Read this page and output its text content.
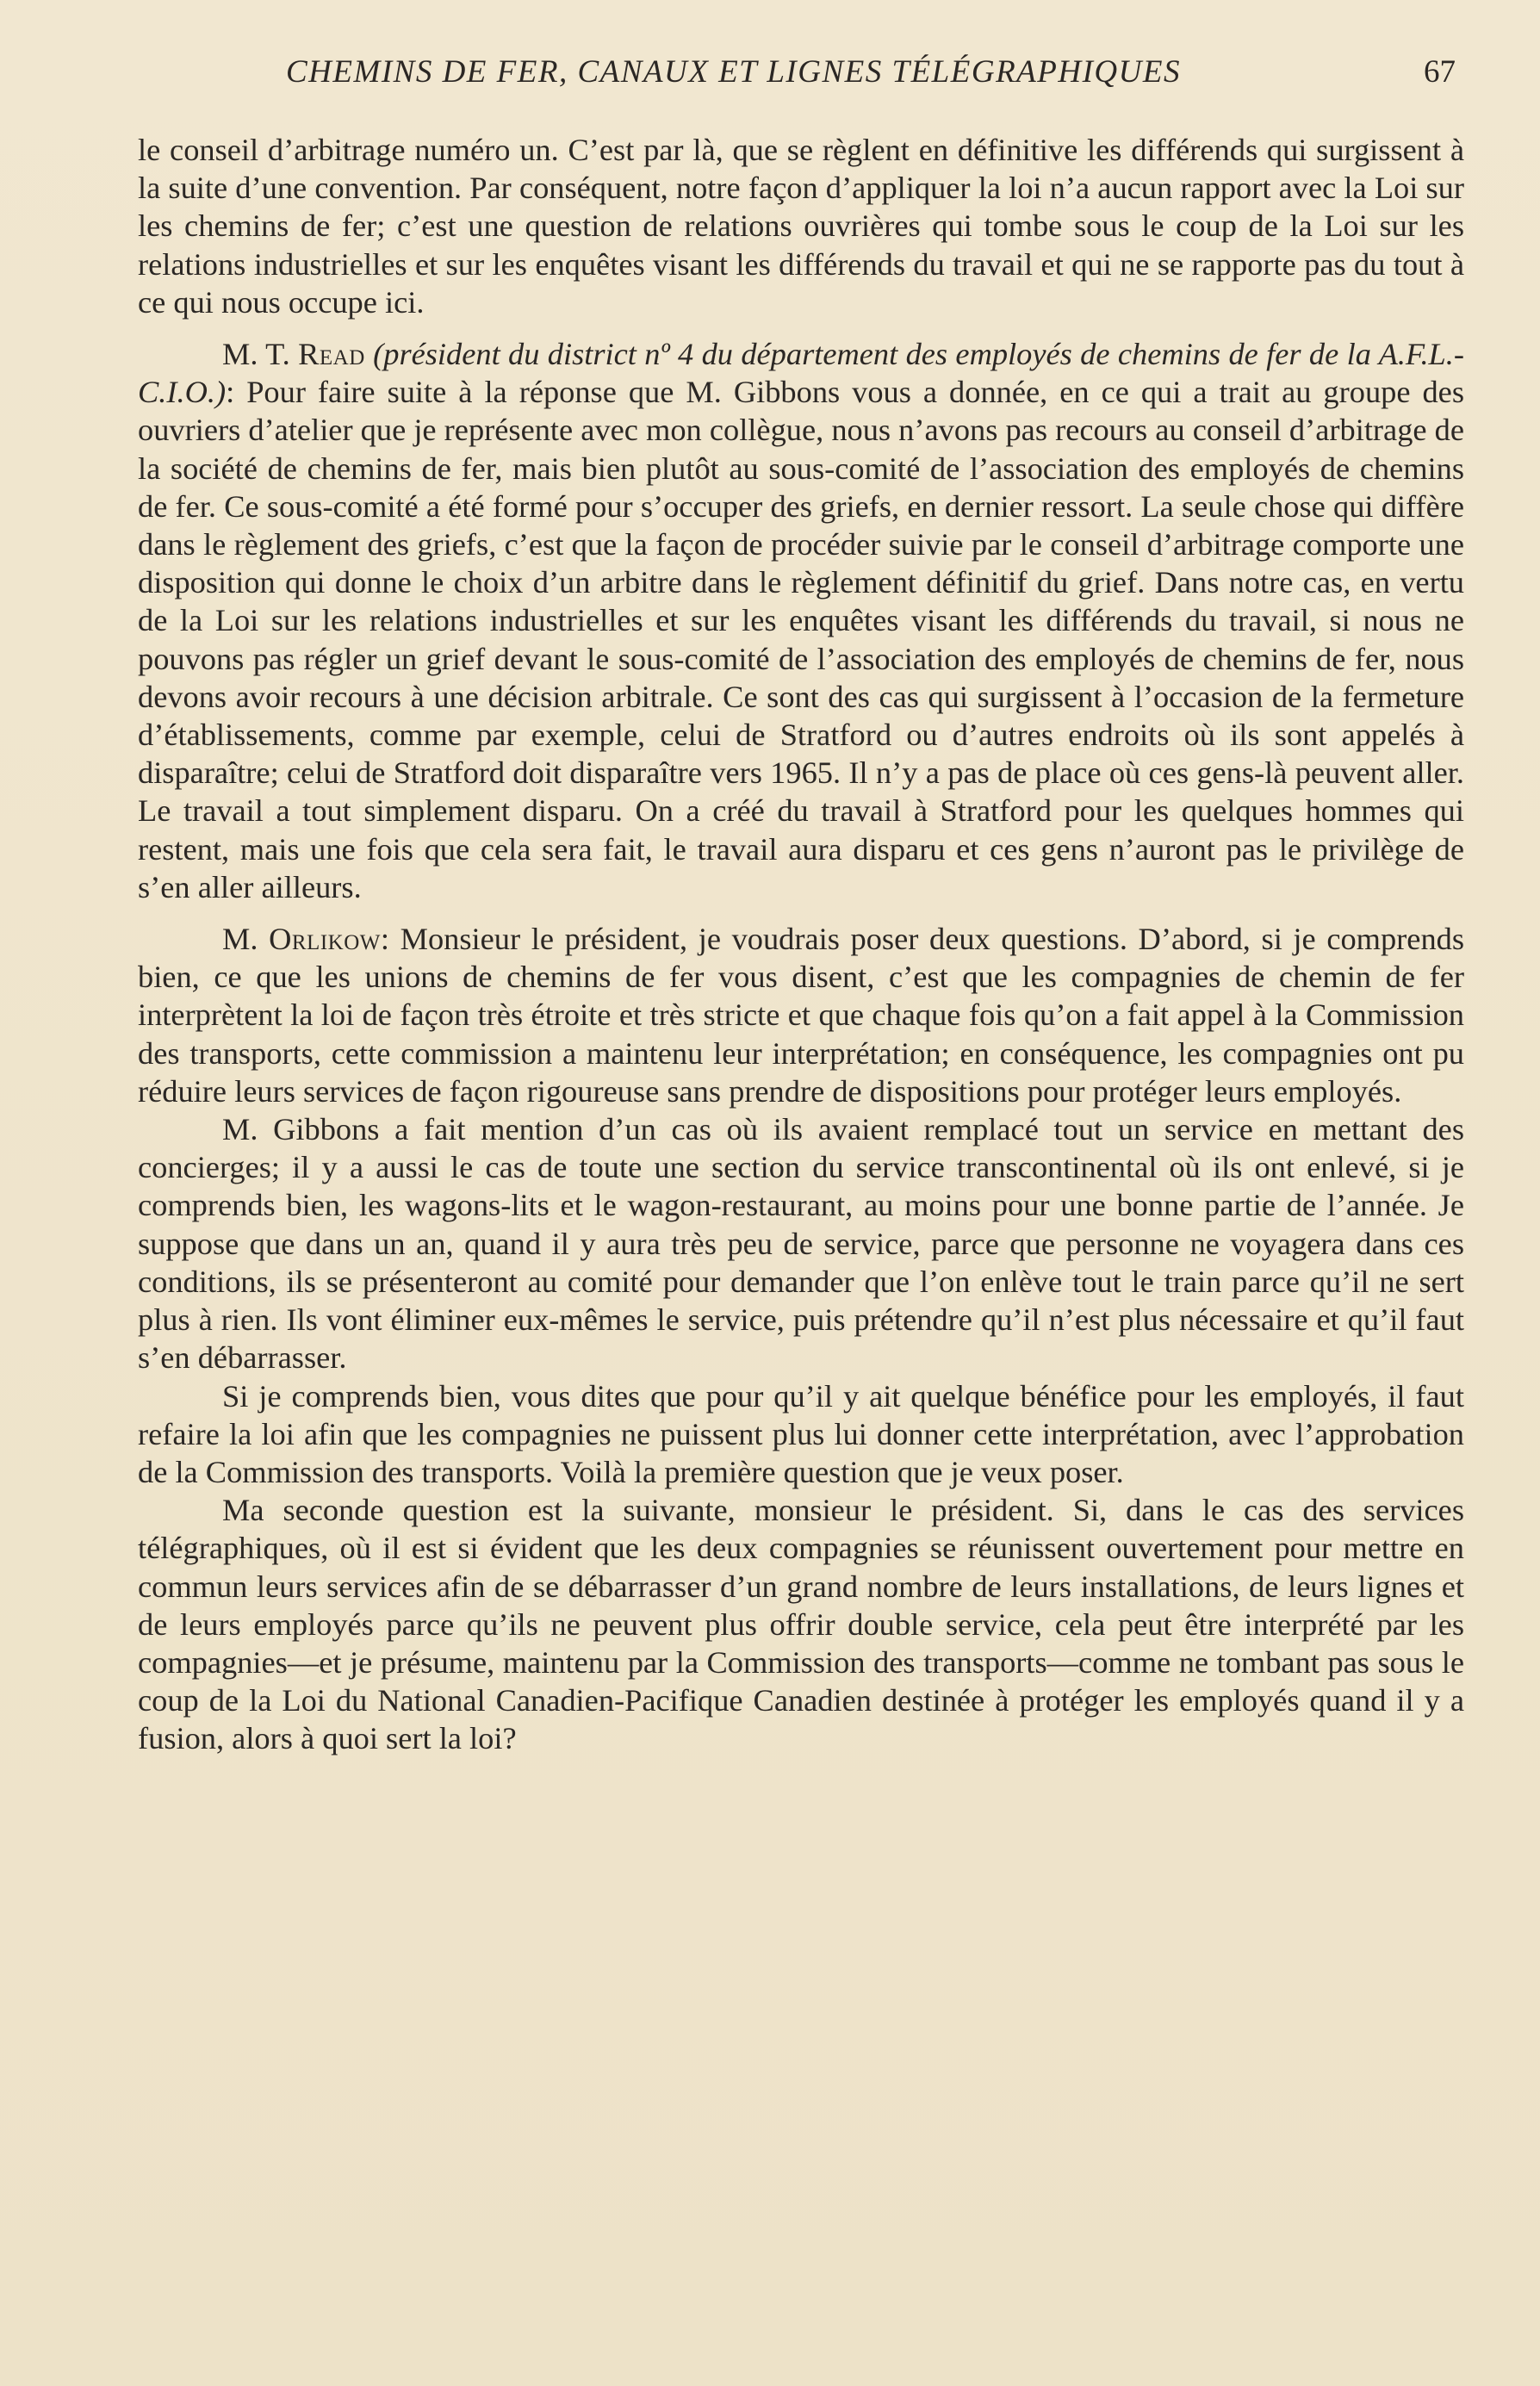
CHEMINS DE FER, CANAUX ET LIGNES TÉLÉGRAPHIQUES	67

le conseil d’arbitrage numéro un. C’est par là, que se règlent en définitive les différends qui surgissent à la suite d’une convention. Par conséquent, notre façon d’appliquer la loi n’a aucun rapport avec la Loi sur les chemins de fer; c’est une question de relations ouvrières qui tombe sous le coup de la Loi sur les relations industrielles et sur les enquêtes visant les différends du travail et qui ne se rapporte pas du tout à ce qui nous occupe ici.

M. T. Read (président du district nº 4 du département des employés de chemins de fer de la A.F.L.-C.I.O.): Pour faire suite à la réponse que M. Gibbons vous a donnée, en ce qui a trait au groupe des ouvriers d’atelier que je représente avec mon collègue, nous n’avons pas recours au conseil d’arbitrage de la société de chemins de fer, mais bien plutôt au sous-comité de l’association des employés de chemins de fer. Ce sous-comité a été formé pour s’occuper des griefs, en dernier ressort. La seule chose qui diffère dans le règlement des griefs, c’est que la façon de procéder suivie par le conseil d’arbitrage comporte une disposition qui donne le choix d’un arbitre dans le règlement définitif du grief. Dans notre cas, en vertu de la Loi sur les relations industrielles et sur les enquêtes visant les différends du travail, si nous ne pouvons pas régler un grief devant le sous-comité de l’association des employés de chemins de fer, nous devons avoir recours à une décision arbitrale. Ce sont des cas qui surgissent à l’occasion de la fermeture d’établissements, comme par exemple, celui de Stratford ou d’autres endroits où ils sont appelés à disparaître; celui de Stratford doit disparaître vers 1965. Il n’y a pas de place où ces gens-là peuvent aller. Le travail a tout simplement disparu. On a créé du travail à Stratford pour les quelques hommes qui restent, mais une fois que cela sera fait, le travail aura disparu et ces gens n’auront pas le privilège de s’en aller ailleurs.

M. Orlikow: Monsieur le président, je voudrais poser deux questions. D’abord, si je comprends bien, ce que les unions de chemins de fer vous disent, c’est que les compagnies de chemin de fer interprètent la loi de façon très étroite et très stricte et que chaque fois qu’on a fait appel à la Commission des transports, cette commission a maintenu leur interprétation; en conséquence, les compagnies ont pu réduire leurs services de façon rigoureuse sans prendre de dispositions pour protéger leurs employés.

M. Gibbons a fait mention d’un cas où ils avaient remplacé tout un service en mettant des concierges; il y a aussi le cas de toute une section du service transcontinental où ils ont enlevé, si je comprends bien, les wagons-lits et le wagon-restaurant, au moins pour une bonne partie de l’année. Je suppose que dans un an, quand il y aura très peu de service, parce que personne ne voyagera dans ces conditions, ils se présenteront au comité pour demander que l’on enlève tout le train parce qu’il ne sert plus à rien. Ils vont éliminer eux-mêmes le service, puis prétendre qu’il n’est plus nécessaire et qu’il faut s’en débarrasser.

Si je comprends bien, vous dites que pour qu’il y ait quelque bénéfice pour les employés, il faut refaire la loi afin que les compagnies ne puissent plus lui donner cette interprétation, avec l’approbation de la Commission des transports. Voilà la première question que je veux poser.

Ma seconde question est la suivante, monsieur le président. Si, dans le cas des services télégraphiques, où il est si évident que les deux compagnies se réunissent ouvertement pour mettre en commun leurs services afin de se débarrasser d’un grand nombre de leurs installations, de leurs lignes et de leurs employés parce qu’ils ne peuvent plus offrir double service, cela peut être interprété par les compagnies—et je présume, maintenu par la Commission des transports—comme ne tombant pas sous le coup de la Loi du National Canadien-Pacifique Canadien destinée à protéger les employés quand il y a fusion, alors à quoi sert la loi?
